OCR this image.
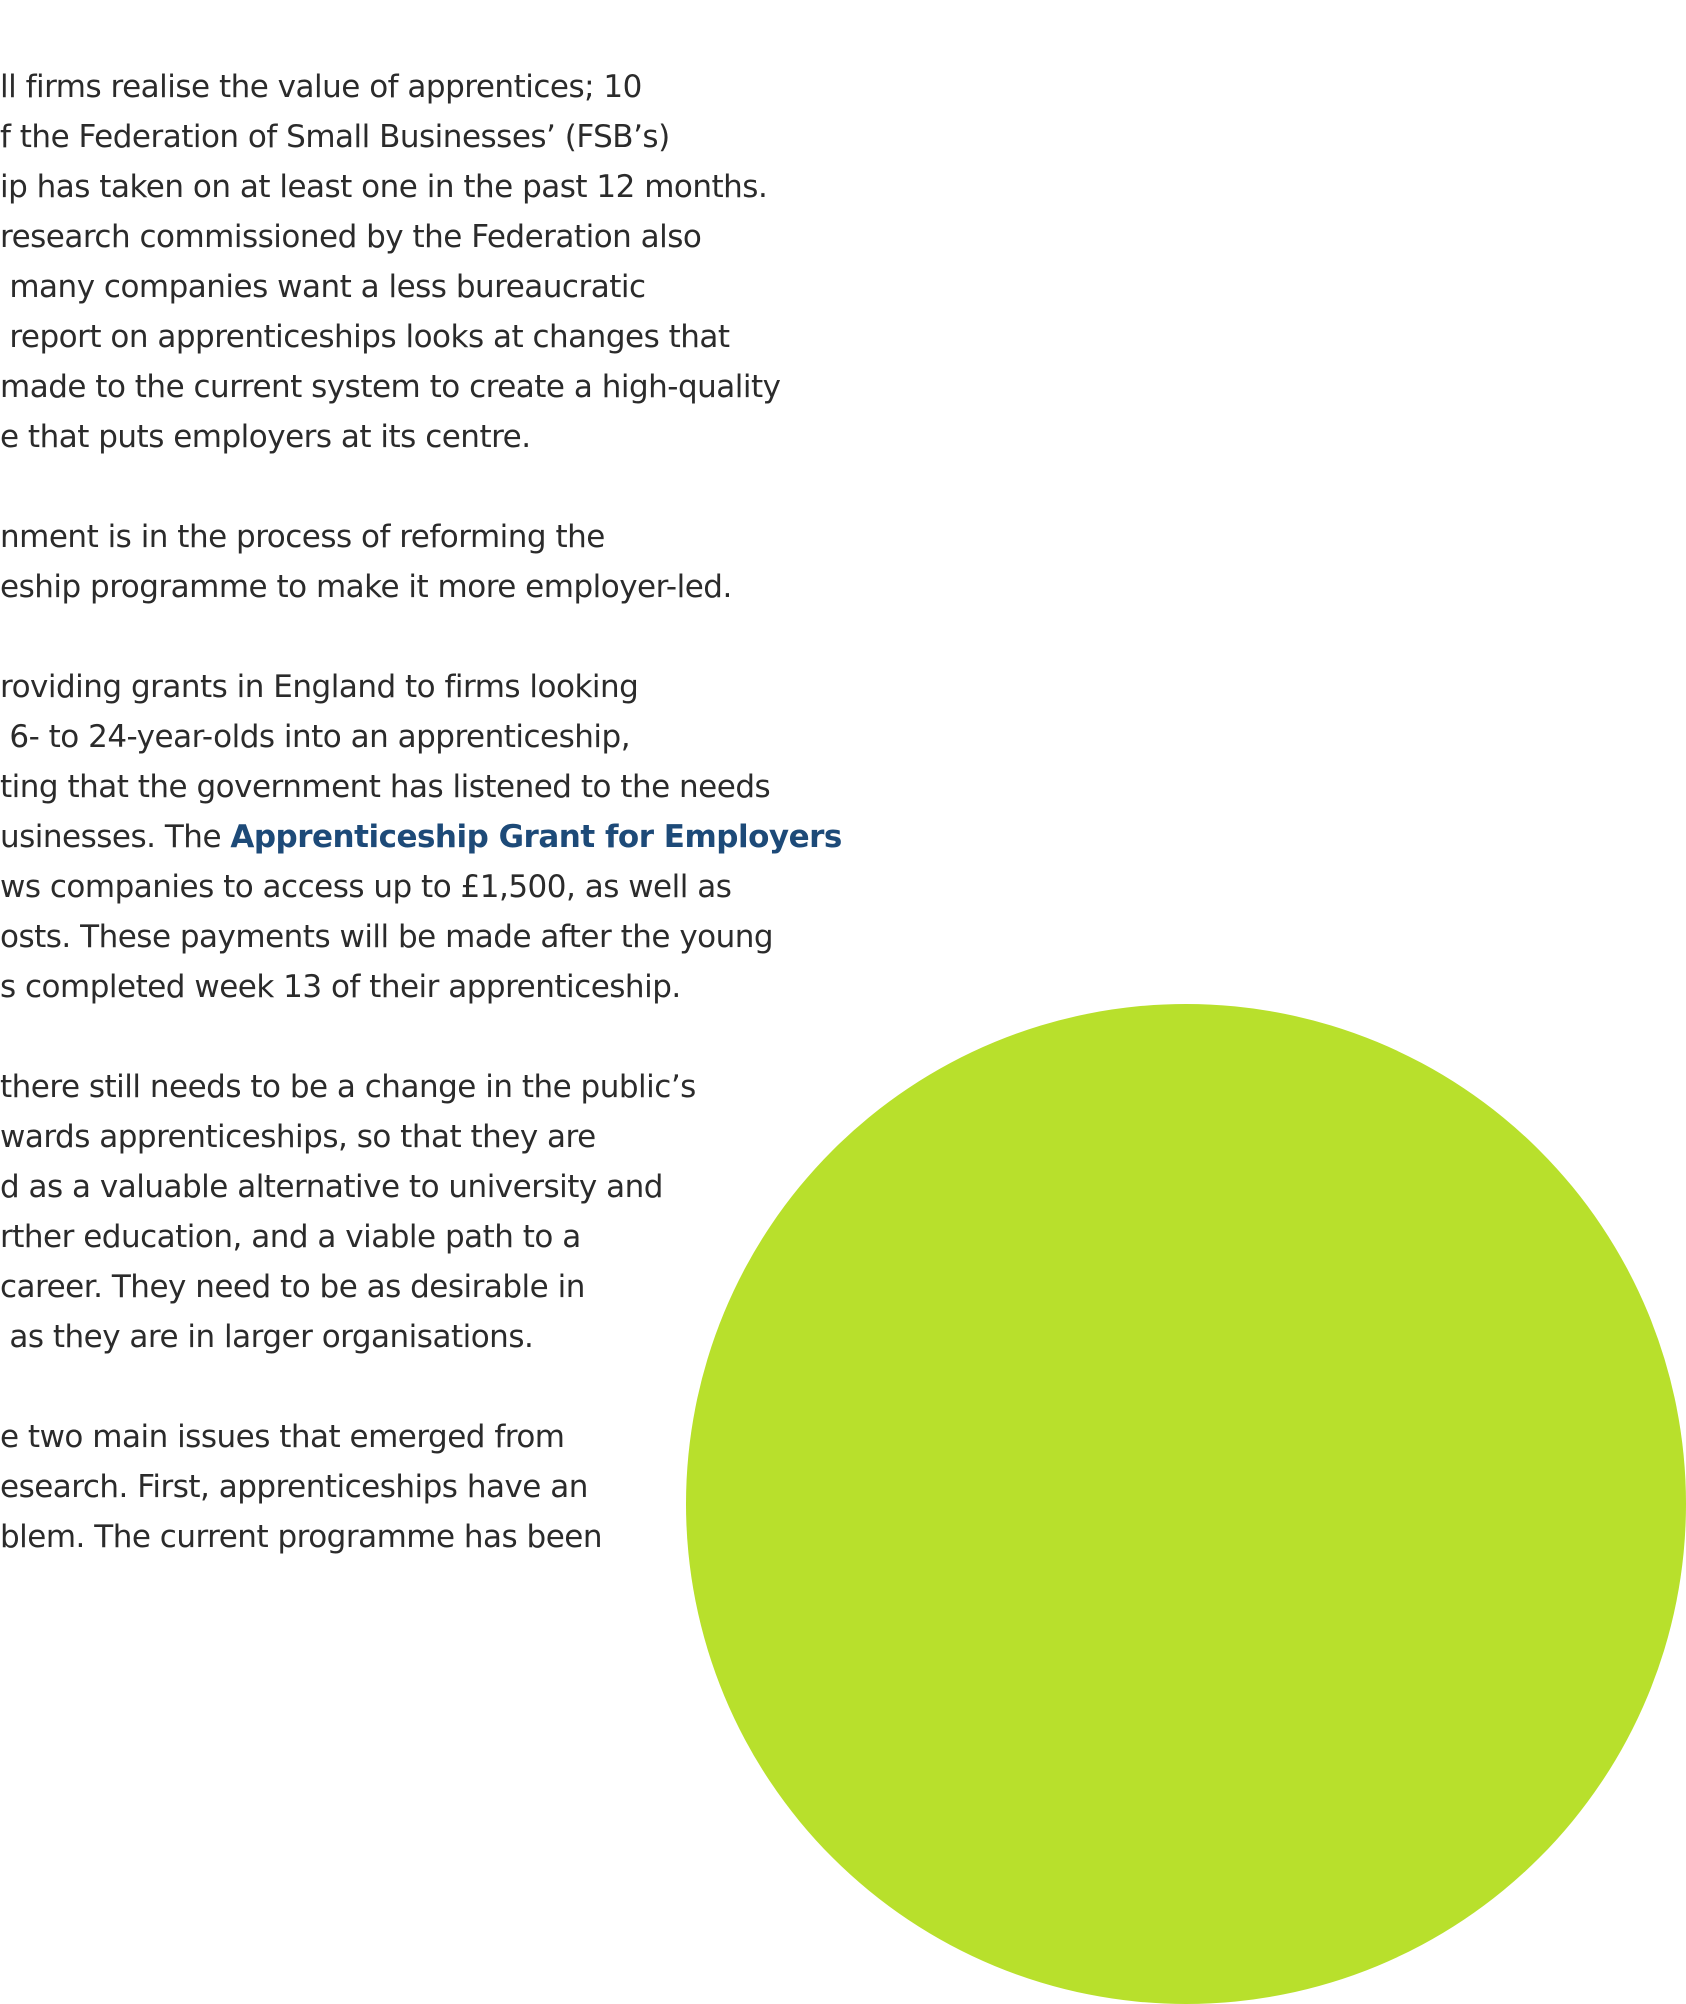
ll firms realise the value of apprentices; 10

f the Federation of Small Businesses’ (FSB’s)

ip has taken on at least one in the past 12 months.

research commissioned by the Federation also

many companies want a less bureaucratic

report on apprenticeships looks at changes that

made to the current system to create a high-quality

e that puts employers at its centre.

nment is in the process of reforming the

eship programme to make it more employer-led.

roviding grants in England to firms looking

6- to 24-year-olds into an apprenticeship,

ting that the government has listened to the needs

usinesses. The Apprenticeship Grant for Employers

ws companies to access up to £1,500, as well as

osts. These payments will be made after the young

s completed week 13 of their apprenticeship.

there still needs to be a change in the public’s

wards apprenticeships, so that they are

d as a valuable alternative to university and

rther education, and a viable path to a

career. They need to be as desirable in

as they are in larger organisations.

e two main issues that emerged from

esearch. First, apprenticeships have an

blem. The current programme has been
